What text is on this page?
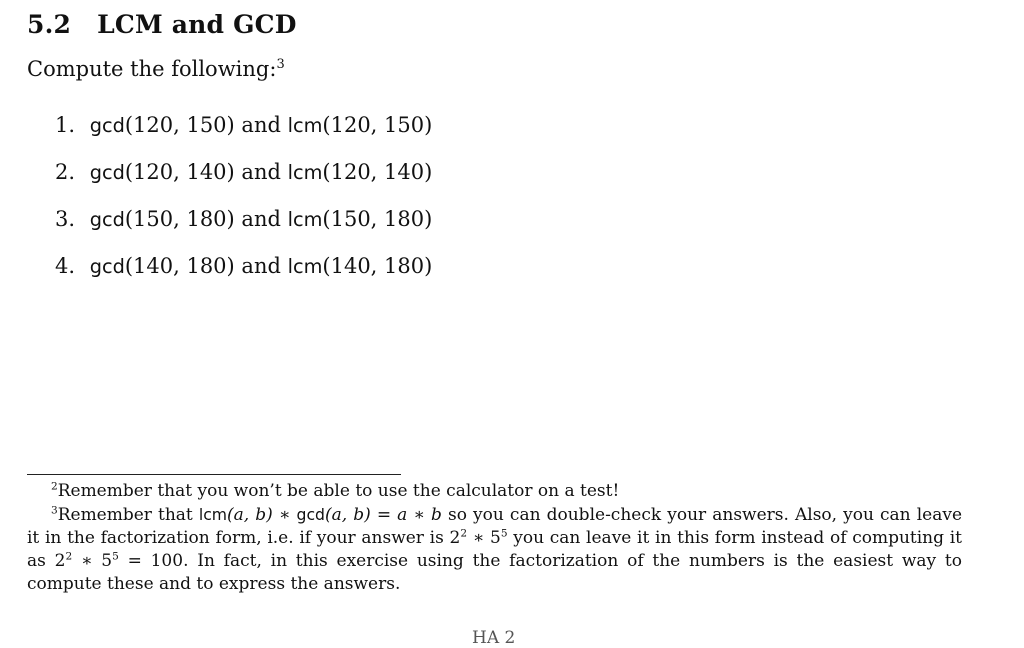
5.2 LCM and GCD
Compute the following:$^3$
1. gcd(120, 150) and lcm(120, 150)
2. gcd(120, 140) and lcm(120, 140)
3. gcd(150, 180) and lcm(150, 180)
4. gcd(140, 180) and lcm(140, 180)

$^2$Remember that you won’t be able to use the calculator on a test!

$^3$Remember that lcm(a, b) ∗ gcd(a, b) = a ∗ b so you can double-check your answers. Also, you can leave it in the factorization form, i.e. if your answer is $2^2$ ∗ $5^5$ you can leave it in this form instead of computing it as $2^2$ ∗ $5^5 = 100$. In fact, in this exercise using the factorization of the numbers is the easiest way to compute these and to express the answers.

HA 2
